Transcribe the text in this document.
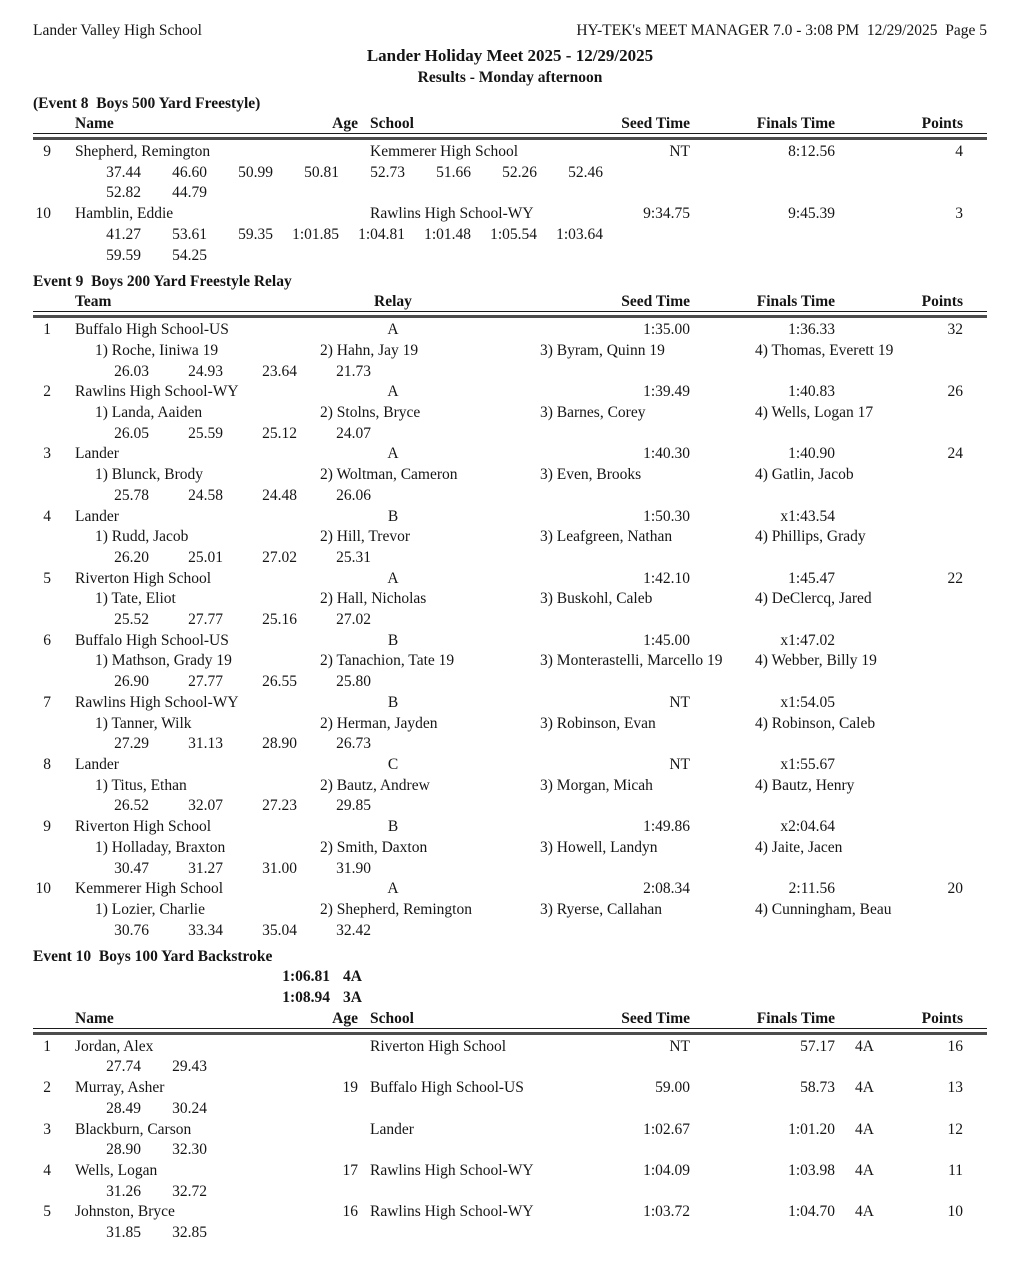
Lander Valley High School	HY-TEK's MEET MANAGER 7.0 - 3:08 PM  12/29/2025  Page 5
Lander Holiday Meet 2025 - 12/29/2025
Results - Monday afternoon
(Event 8  Boys 500 Yard Freestyle)
Name	Age School	Seed Time	Finals Time	Points
9	Shepherd, Remington	Kemmerer High School	NT	8:12.56	4
37.44	46.60	50.99	50.81	52.73	51.66	52.26	52.46
52.82	44.79
10	Hamblin, Eddie	Rawlins High School-WY	9:34.75	9:45.39	3
41.27	53.61	59.35	1:01.85	1:04.81	1:01.48	1:05.54	1:03.64
59.59	54.25
Event 9  Boys 200 Yard Freestyle Relay
Team	Relay	Seed Time	Finals Time	Points
1	Buffalo High School-US	A	1:35.00	1:36.33	32
1) Roche, Iiniwa 19	2) Hahn, Jay 19	3) Byram, Quinn 19	4) Thomas, Everett 19
26.03	24.93	23.64	21.73
2	Rawlins High School-WY	A	1:39.49	1:40.83	26
1) Landa, Aaiden	2) Stolns, Bryce	3) Barnes, Corey	4) Wells, Logan 17
26.05	25.59	25.12	24.07
3	Lander	A	1:40.30	1:40.90	24
1) Blunck, Brody	2) Woltman, Cameron	3) Even, Brooks	4) Gatlin, Jacob
25.78	24.58	24.48	26.06
4	Lander	B	1:50.30	x1:43.54
1) Rudd, Jacob	2) Hill, Trevor	3) Leafgreen, Nathan	4) Phillips, Grady
26.20	25.01	27.02	25.31
5	Riverton High School	A	1:42.10	1:45.47	22
1) Tate, Eliot	2) Hall, Nicholas	3) Buskohl, Caleb	4) DeClercq, Jared
25.52	27.77	25.16	27.02
6	Buffalo High School-US	B	1:45.00	x1:47.02
1) Mathson, Grady 19	2) Tanachion, Tate 19	3) Monterastelli, Marcello 19	4) Webber, Billy 19
26.90	27.77	26.55	25.80
7	Rawlins High School-WY	B	NT	x1:54.05
1) Tanner, Wilk	2) Herman, Jayden	3) Robinson, Evan	4) Robinson, Caleb
27.29	31.13	28.90	26.73
8	Lander	C	NT	x1:55.67
1) Titus, Ethan	2) Bautz, Andrew	3) Morgan, Micah	4) Bautz, Henry
26.52	32.07	27.23	29.85
9	Riverton High School	B	1:49.86	x2:04.64
1) Holladay, Braxton	2) Smith, Daxton	3) Howell, Landyn	4) Jaite, Jacen
30.47	31.27	31.00	31.90
10	Kemmerer High School	A	2:08.34	2:11.56	20
1) Lozier, Charlie	2) Shepherd, Remington	3) Ryerse, Callahan	4) Cunningham, Beau
30.76	33.34	35.04	32.42
Event 10  Boys 100 Yard Backstroke
1:06.81 4A
1:08.94 3A
Name	Age School	Seed Time	Finals Time	Points
1	Jordan, Alex	Riverton High School	NT	57.17	4A	16
27.74	29.43
2	Murray, Asher	19 Buffalo High School-US	59.00	58.73	4A	13
28.49	30.24
3	Blackburn, Carson	Lander	1:02.67	1:01.20	4A	12
28.90	32.30
4	Wells, Logan	17 Rawlins High School-WY	1:04.09	1:03.98	4A	11
31.26	32.72
5	Johnston, Bryce	16 Rawlins High School-WY	1:03.72	1:04.70	4A	10
31.85	32.85
